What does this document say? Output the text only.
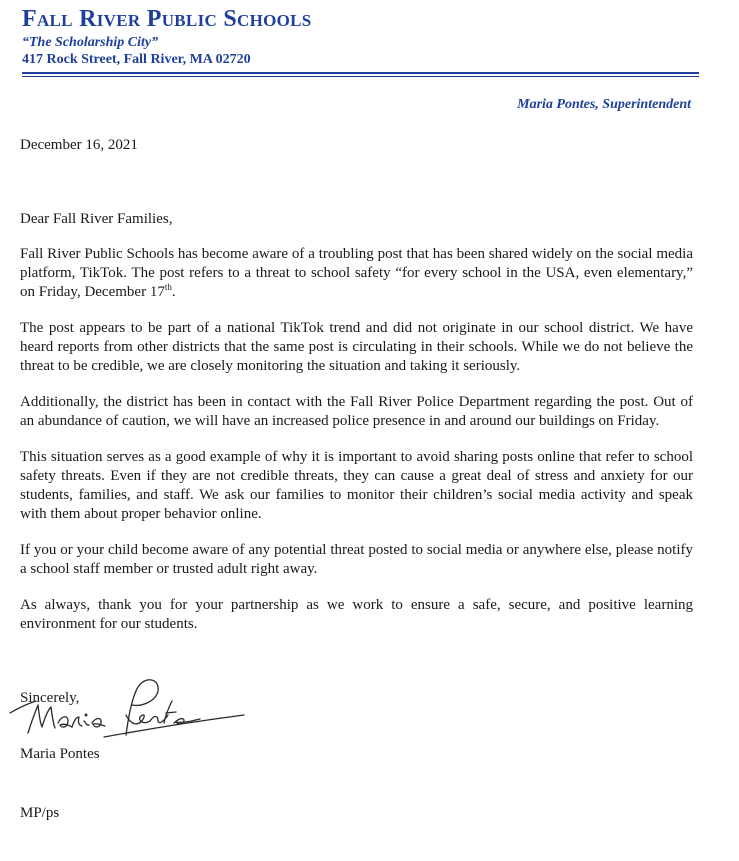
Fall River Public Schools
“The Scholarship City”
417 Rock Street, Fall River, MA 02720
Maria Pontes, Superintendent
December 16, 2021

Dear Fall River Families,

Fall River Public Schools has become aware of a troubling post that has been shared widely on the social media platform, TikTok. The post refers to a threat to school safety “for every school in the USA, even elementary,” on Friday, December 17th.

The post appears to be part of a national TikTok trend and did not originate in our school district. We have heard reports from other districts that the same post is circulating in their schools. While we do not believe the threat to be credible, we are closely monitoring the situation and taking it seriously.

Additionally, the district has been in contact with the Fall River Police Department regarding the post. Out of an abundance of caution, we will have an increased police presence in and around our buildings on Friday.

This situation serves as a good example of why it is important to avoid sharing posts online that refer to school safety threats. Even if they are not credible threats, they can cause a great deal of stress and anxiety for our students, families, and staff. We ask our families to monitor their children’s social media activity and speak with them about proper behavior online.

If you or your child become aware of any potential threat posted to social media or anywhere else, please notify a school staff member or trusted adult right away.

As always, thank you for your partnership as we work to ensure a safe, secure, and positive learning environment for our students.

Sincerely,
Maria Pontes
MP/ps
